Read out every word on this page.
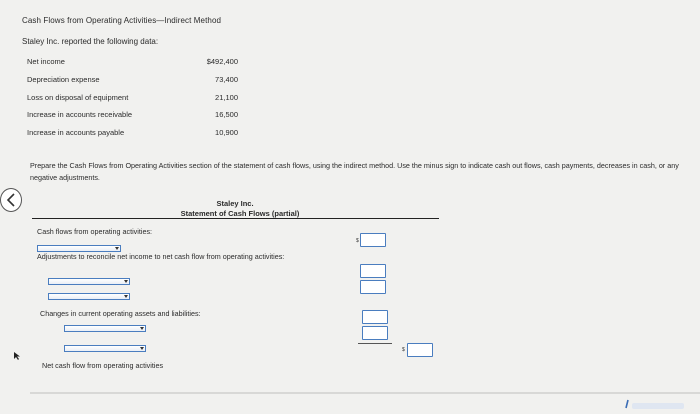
Cash Flows from Operating Activities—Indirect Method
Staley Inc. reported the following data:
Net income	$492,400
Depreciation expense	73,400
Loss on disposal of equipment	21,100
Increase in accounts receivable	16,500
Increase in accounts payable	10,900
Prepare the Cash Flows from Operating Activities section of the statement of cash flows, using the indirect method. Use the minus sign to indicate cash out flows, cash payments, decreases in cash, or any negative adjustments.
Staley Inc.
Statement of Cash Flows (partial)
Cash flows from operating activities:
$
Adjustments to reconcile net income to net cash flow from operating activities:
Changes in current operating assets and liabilities:
Net cash flow from operating activities
$
